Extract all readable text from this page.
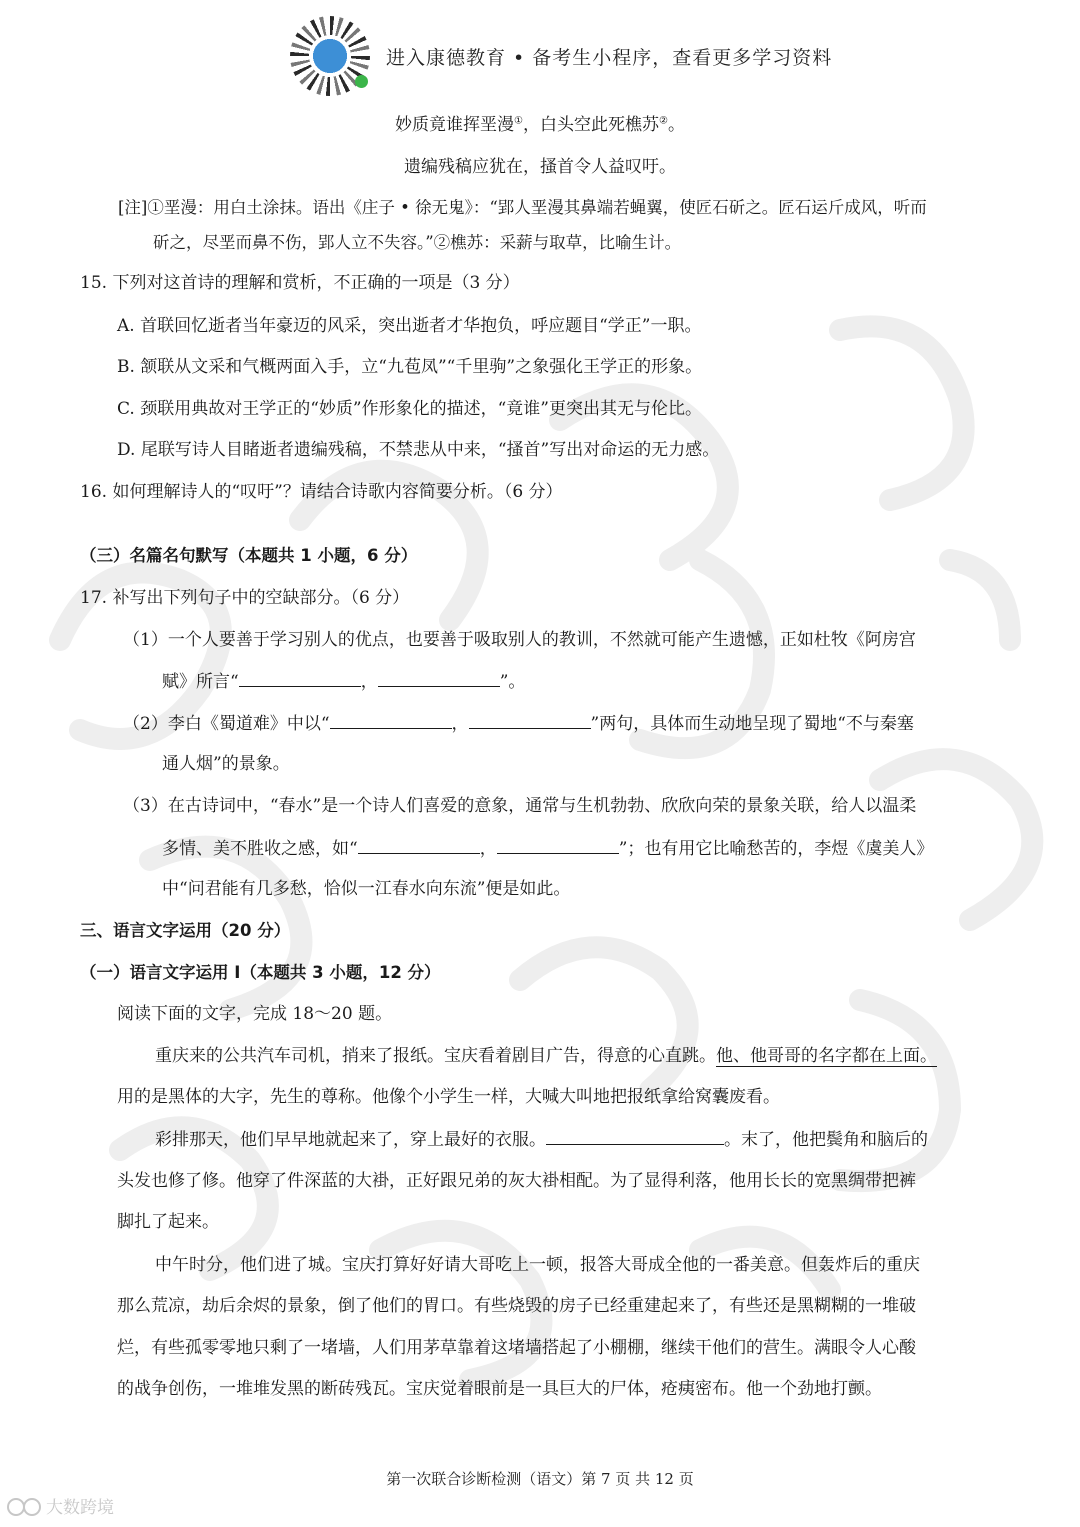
进入康德教育 • 备考生小程序，查看更多学习资料
妙质竟谁挥垩漫①，白头空此死樵苏②。
遗编残稿应犹在，搔首令人益叹吁。
[注]①垩漫：用白土涂抹。语出《庄子 • 徐无鬼》：“郢人垩漫其鼻端若蝇翼，使匠石斫之。匠石运斤成风，听而
斫之，尽垩而鼻不伤，郢人立不失容。”②樵苏：采薪与取草，比喻生计。
15. 下列对这首诗的理解和赏析，不正确的一项是（3 分）
A. 首联回忆逝者当年豪迈的风采，突出逝者才华抱负，呼应题目“学正”一职。
B. 颔联从文采和气概两面入手，立“九苞凤”“千里驹”之象强化王学正的形象。
C. 颈联用典故对王学正的“妙质”作形象化的描述，“竟谁”更突出其无与伦比。
D. 尾联写诗人目睹逝者遗编残稿，不禁悲从中来，“搔首”写出对命运的无力感。
16. 如何理解诗人的“叹吁”？请结合诗歌内容简要分析。（6 分）
（三）名篇名句默写（本题共 1 小题，6 分）
17. 补写出下列句子中的空缺部分。（6 分）
（1）一个人要善于学习别人的优点，也要善于吸取别人的教训，不然就可能产生遗憾，正如杜牧《阿房宫
赋》所言“	，	”。
（2）李白《蜀道难》中以“	，	”两句，具体而生动地呈现了蜀地“不与秦塞
通人烟”的景象。
（3）在古诗词中，“春水”是一个诗人们喜爱的意象，通常与生机勃勃、欣欣向荣的景象关联，给人以温柔
多情、美不胜收之感，如“	，	”；也有用它比喻愁苦的，李煜《虞美人》
中“问君能有几多愁，恰似一江春水向东流”便是如此。
三、语言文字运用（20 分）
（一）语言文字运用 Ⅰ（本题共 3 小题，12 分）
阅读下面的文字，完成 18～20 题。
重庆来的公共汽车司机，捎来了报纸。宝庆看着剧目广告，得意的心直跳。他、他哥哥的名字都在上面。
用的是黑体的大字，先生的尊称。他像个小学生一样，大喊大叫地把报纸拿给窝囊废看。
彩排那天，他们早早地就起来了，穿上最好的衣服。	。末了，他把鬓角和脑后的
头发也修了修。他穿了件深蓝的大褂，正好跟兄弟的灰大褂相配。为了显得利落，他用长长的宽黑绸带把裤
脚扎了起来。
中午时分，他们进了城。宝庆打算好好请大哥吃上一顿，报答大哥成全他的一番美意。但轰炸后的重庆
那么荒凉，劫后余烬的景象，倒了他们的胃口。有些烧毁的房子已经重建起来了，有些还是黑糊糊的一堆破
烂，有些孤零零地只剩了一堵墙，人们用茅草靠着这堵墙搭起了小棚棚，继续干他们的营生。满眼令人心酸
的战争创伤，一堆堆发黑的断砖残瓦。宝庆觉着眼前是一具巨大的尸体，疮痍密布。他一个劲地打颤。
第一次联合诊断检测（语文）第 7 页 共 12 页
大数跨境
